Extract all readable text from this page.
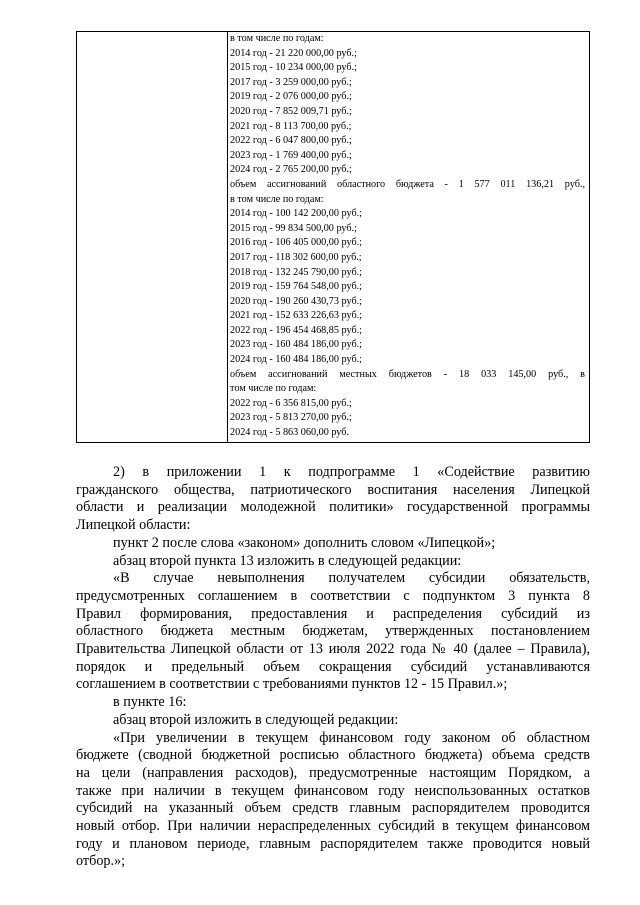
в том числе по годам:
2014 год - 21 220 000,00 руб.;
2015 год - 10 234 000,00 руб.;
2017 год - 3 259 000,00 руб.;
2019 год - 2 076 000,00 руб.;
2020 год - 7 852 009,71 руб.;
2021 год - 8 113 700,00 руб.;
2022 год - 6 047 800,00 руб.;
2023 год - 1 769 400,00 руб.;
2024 год - 2 765 200,00 руб.;
объем ассигнований областного бюджета - 1 577 011 136,21 руб.,
в том числе по годам:
2014 год - 100 142 200,00 руб.;
2015 год - 99 834 500,00 руб.;
2016 год - 106 405 000,00 руб.;
2017 год - 118 302 600,00 руб.;
2018 год - 132 245 790,00 руб.;
2019 год - 159 764 548,00 руб.;
2020 год - 190 260 430,73 руб.;
2021 год - 152 633 226,63 руб.;
2022 год - 196 454 468,85 руб.;
2023 год - 160 484 186,00 руб.;
2024 год - 160 484 186,00 руб.;
объем ассигнований местных бюджетов - 18 033 145,00 руб., в
том числе по годам:
2022 год - 6 356 815,00 руб.;
2023 год - 5 813 270,00 руб.;
2024 год - 5 863 060,00 руб.
2) в приложении 1 к подпрограмме 1 «Содействие развитию
гражданского общества, патриотического воспитания населения Липецкой
области и реализации молодежной политики» государственной программы
Липецкой области:
пункт 2 после слова «законом» дополнить словом «Липецкой»;
абзац второй пункта 13 изложить в следующей редакции:
«В случае невыполнения получателем субсидии обязательств,
предусмотренных соглашением в соответствии с подпунктом 3 пункта 8
Правил формирования, предоставления и распределения субсидий из
областного бюджета местным бюджетам, утвержденных постановлением
Правительства Липецкой области от 13 июля 2022 года № 40 (далее – Правила),
порядок и предельный объем сокращения субсидий устанавливаются
соглашением в соответствии с требованиями пунктов 12 - 15 Правил.»;
в пункте 16:
абзац второй изложить в следующей редакции:
«При увеличении в текущем финансовом году законом об областном
бюджете (сводной бюджетной росписью областного бюджета) объема средств
на цели (направления расходов), предусмотренные настоящим Порядком, а
также при наличии в текущем финансовом году неиспользованных остатков
субсидий на указанный объем средств главным распорядителем проводится
новый отбор. При наличии нераспределенных субсидий в текущем финансовом
году и плановом периоде, главным распорядителем также проводится новый
отбор.»;
